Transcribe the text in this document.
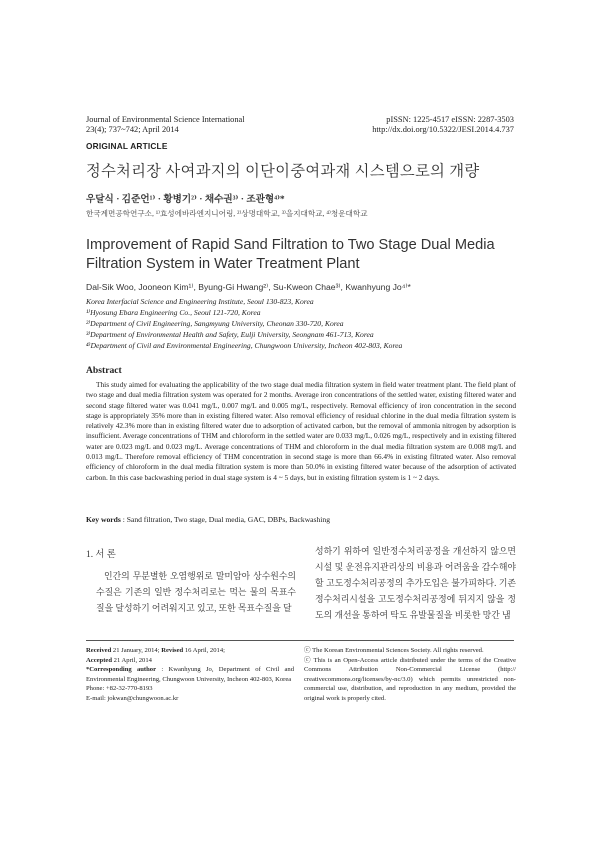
Journal of Environmental Science International
23(4); 737~742; April 2014
pISSN: 1225-4517 eISSN: 2287-3503
http://dx.doi.org/10.5322/JESI.2014.4.737
ORIGINAL ARTICLE
정수처리장 사여과지의 이단이중여과재 시스템으로의 개량
우달식 · 김준언¹⁾ · 황병기²⁾ · 채수권³⁾ · 조관형⁴⁾*
한국계면공학연구소, ¹⁾효성에바라엔지니어링, ²⁾상명대학교, ³⁾을지대학교, ⁴⁾청운대학교
Improvement of Rapid Sand Filtration to Two Stage Dual Media Filtration System in Water Treatment Plant
Dal-Sik Woo, Jooneon Kim¹⁾, Byung-Gi Hwang²⁾, Su-Kweon Chae³⁾, Kwanhyung Jo⁴⁾*
Korea Interfacial Science and Engineering Institute, Seoul 130-823, Korea
¹⁾Hyosung Ebara Engineering Co., Seoul 121-720, Korea
²⁾Department of Civil Engineering, Sangmyung University, Cheonan 330-720, Korea
³⁾Department of Environmental Health and Safety, Eulji University, Seongnam 461-713, Korea
⁴⁾Department of Civil and Environmental Engineering, Chungwoon University, Incheon 402-803, Korea
Abstract
This study aimed for evaluating the applicability of the two stage dual media filtration system in field water treatment plant. The field plant of two stage and dual media filtration system was operated for 2 months. Average iron concentrations of the settled water, existing filtered water and second stage filtered water was 0.041 mg/L, 0.007 mg/L and 0.005 mg/L, respectively. Removal efficiency of iron concentration in the second stage is appropriately 35% more than in existing filtered water. Also removal efficiency of residual chlorine in the dual media filtration system is relatively 42.3% more than in existing filtered water due to adsorption of activated carbon, but the removal of ammonia nitrogen by adsorption is insufficient. Average concentrations of THM and chloroform in the settled water are 0.033 mg/L, 0.026 mg/L, respectively and in existing filtered water are 0.023 mg/L and 0.023 mg/L. Average concentrations of THM and chloroform in the dual media filtration system are 0.008 mg/L and 0.013 mg/L. Therefore removal efficiency of THM concentration in second stage is more than 66.4% in existing filtrated water. Also removal efficiency of chloroform in the dual media filtration system is more than 50.0% in existing filtered water because of the adsorption of activated carbon. In this case backwashing period in dual stage system is 4 ~ 5 days, but in existing filtration system is 1 ~ 2 days.
Key words : Sand filtration, Two stage, Dual media, GAC, DBPs, Backwashing
1. 서 론
인간의 무분별한 오염행위로 말미암아 상수원수의 수질은 기존의 일반 정수처리로는 먹는 물의 목표수질을 달성하기 어려워지고 있고, 또한 목표수질을 달
성하기 위하여 일반정수처리공정을 개선하지 않으면 시설 및 운전유지관리상의 비용과 어려움을 감수해야 할 고도정수처리공정의 추가도입은 불가피하다. 기존 정수처리시설을 고도정수처리공정에 뒤지지 않을 정도의 개선을 통하여 탁도 유발물질을 비롯한 망간 냄
Received 21 January, 2014; Revised 16 April, 2014;
Accepted 21 April, 2014
*Corresponding author : Kwanhyung Jo, Department of Civil and Environmental Engineering, Chungwoon University, Incheon 402-803, Korea
Phone: +82-32-770-8193
E-mail: jokwan@chungwoon.ac.kr
ⓒ The Korean Environmental Sciences Society. All rights reserved.
ⓒ This is an Open-Access article distributed under the terms of the Creative Commons Attribution Non-Commercial License (http:// creativecommons.org/licenses/by-nc/3.0) which permits unrestricted non-commercial use, distribution, and reproduction in any medium, provided the original work is properly cited.
